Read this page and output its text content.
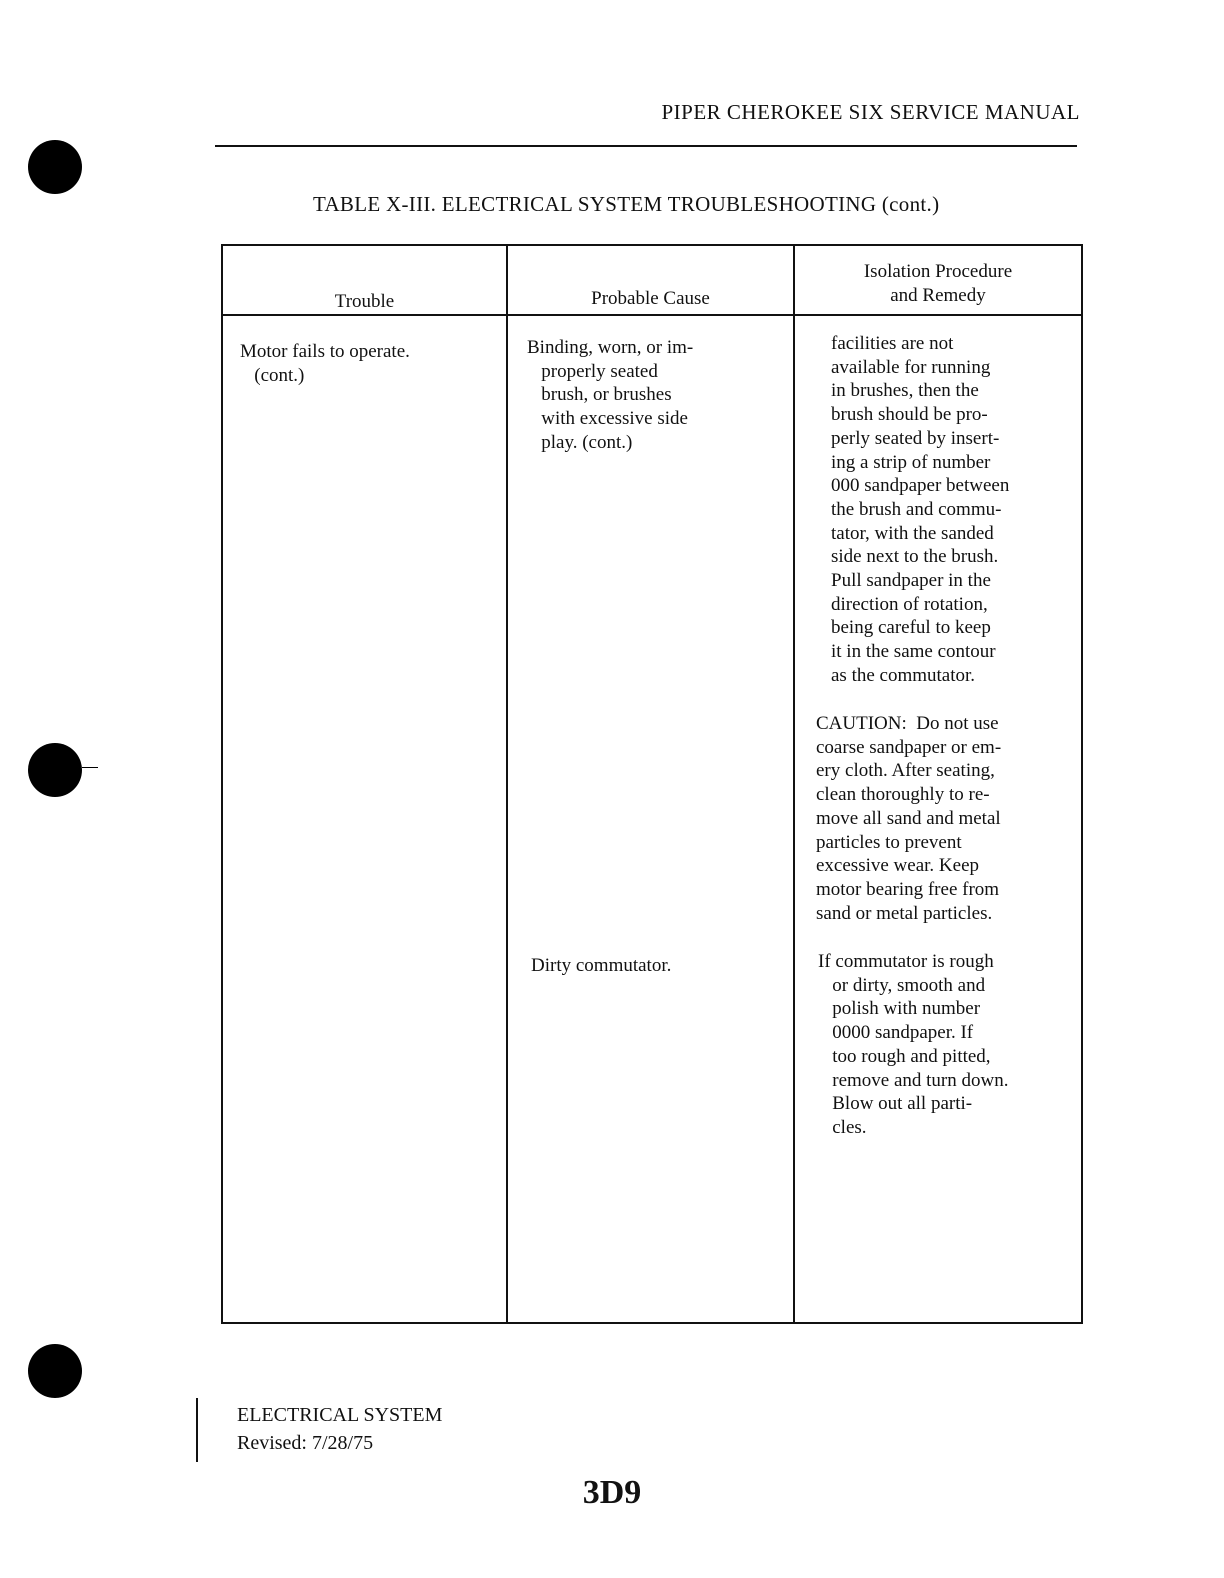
PIPER CHEROKEE SIX SERVICE MANUAL
TABLE X-III. ELECTRICAL SYSTEM TROUBLESHOOTING (cont.)
Trouble	Probable Cause
Isolation Procedure
and Remedy
Motor fails to operate.
(cont.)
Binding, worn, or im-
properly seated
brush, or brushes
with excessive side
play. (cont.)
facilities are not
available for running
in brushes, then the
brush should be pro-
perly seated by insert-
ing a strip of number
000 sandpaper between
the brush and commu-
tator, with the sanded
side next to the brush.
Pull sandpaper in the
direction of rotation,
being careful to keep
it in the same contour
as the commutator.
CAUTION:  Do not use
coarse sandpaper or em-
ery cloth. After seating,
clean thoroughly to re-
move all sand and metal
particles to prevent
excessive wear. Keep
motor bearing free from
sand or metal particles.
Dirty commutator.	If commutator is rough
or dirty, smooth and
polish with number
0000 sandpaper. If
too rough and pitted,
remove and turn down.
Blow out all parti-
cles.
ELECTRICAL SYSTEM
Revised: 7/28/75
3D9
